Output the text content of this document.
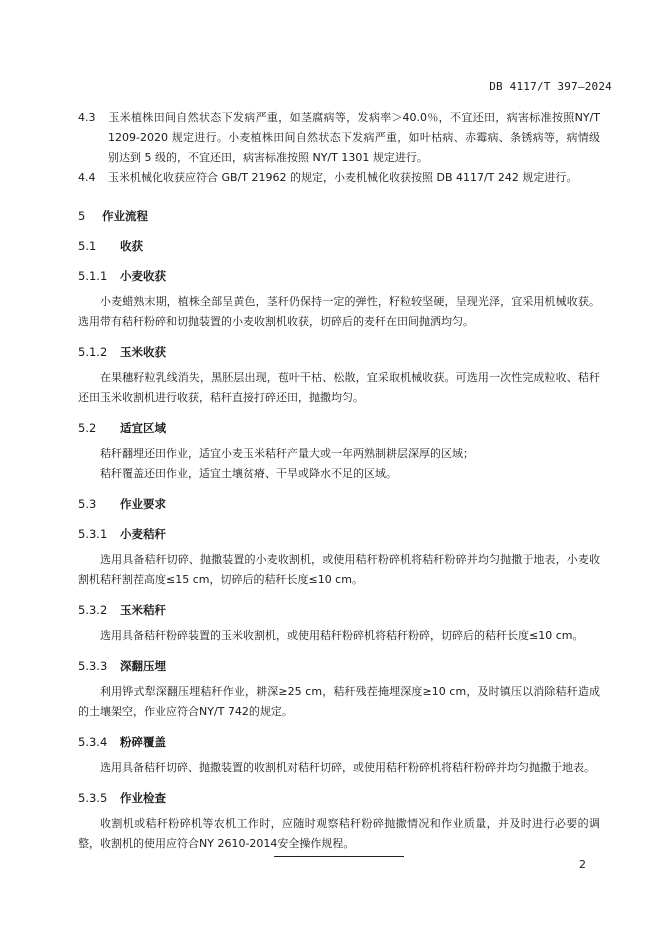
DB 4117/T 397—2024

4.3 玉米植株田间自然状态下发病严重，如茎腐病等，发病率＞40.0％，不宜还田，病害标准按照NY/T 1209-2020 规定进行。小麦植株田间自然状态下发病严重，如叶枯病、赤霉病、条锈病等，病情级别达到 5 级的，不宜还田，病害标准按照 NY/T 1301 规定进行。

4.4 玉米机械化收获应符合 GB/T 21962 的规定，小麦机械化收获按照 DB 4117/T 242 规定进行。

5 作业流程
5.1 收获
5.1.1 小麦收获

小麦蜡熟末期，植株全部呈黄色，茎秆仍保持一定的弹性，籽粒较坚硬，呈现光泽，宜采用机械收获。选用带有秸秆粉碎和切抛装置的小麦收割机收获，切碎后的麦秆在田间抛洒均匀。

5.1.2 玉米收获

在果穗籽粒乳线消失，黑胚层出现，苞叶干枯、松散，宜采取机械收获。可选用一次性完成粒收、秸秆还田玉米收割机进行收获，秸秆直接打碎还田，抛撒均匀。

5.2 适宜区域

秸秆翻埋还田作业，适宜小麦玉米秸秆产量大或一年两熟制耕层深厚的区域；

秸秆覆盖还田作业，适宜土壤贫瘠、干旱或降水不足的区域。

5.3 作业要求
5.3.1 小麦秸秆

选用具备秸秆切碎、抛撒装置的小麦收割机，或使用秸秆粉碎机将秸秆粉碎并均匀抛撒于地表，小麦收割机秸秆割茬高度≤15 cm，切碎后的秸秆长度≤10 cm。

5.3.2 玉米秸秆

选用具备秸秆粉碎装置的玉米收割机，或使用秸秆粉碎机将秸秆粉碎，切碎后的秸秆长度≤10 cm。

5.3.3 深翻压埋

利用铧式犁深翻压埋秸秆作业，耕深≥25 cm，秸秆残茬掩埋深度≥10 cm，及时镇压以消除秸秆造成的土壤架空，作业应符合NY/T 742的规定。

5.3.4 粉碎覆盖

选用具备秸秆切碎、抛撒装置的收割机对秸秆切碎，或使用秸秆粉碎机将秸秆粉碎并均匀抛撒于地表。

5.3.5 作业检查

收割机或秸秆粉碎机等农机工作时，应随时观察秸秆粉碎抛撒情况和作业质量，并及时进行必要的调整，收割机的使用应符合NY 2610-2014安全操作规程。

2
